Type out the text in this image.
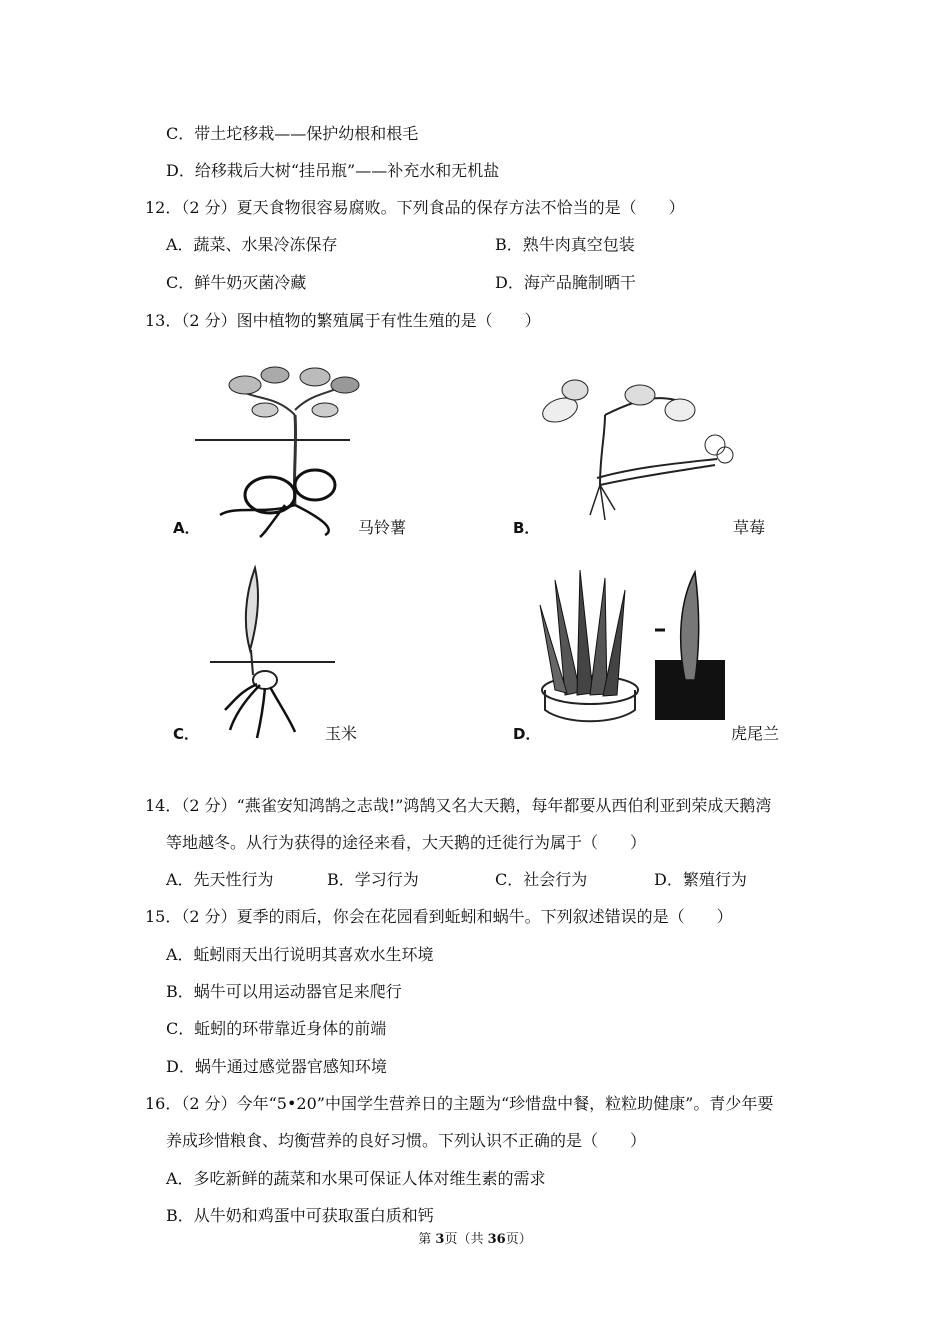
C．带土坨移栽——保护幼根和根毛
D．给移栽后大树“挂吊瓶”——补充水和无机盐
12．（2 分）夏天食物很容易腐败。下列食品的保存方法不恰当的是（　　）
A．蔬菜、水果冷冻保存	B．熟牛肉真空包装
C．鲜牛奶灭菌冷藏	D．海产品腌制晒干
13．（2 分）图中植物的繁殖属于有性生殖的是（　　）
A．	马铃薯	B．	草莓
C．	玉米	D．	虎尾兰
14．（2 分）“燕雀安知鸿鹄之志哉!”鸿鹄又名大天鹅，每年都要从西伯利亚到荣成天鹅湾
等地越冬。从行为获得的途径来看，大天鹅的迁徙行为属于（　　）
A．先天性行为	B．学习行为	C．社会行为	D．繁殖行为
15．（2 分）夏季的雨后，你会在花园看到蚯蚓和蜗牛。下列叙述错误的是（　　）
A．蚯蚓雨天出行说明其喜欢水生环境
B．蜗牛可以用运动器官足来爬行
C．蚯蚓的环带靠近身体的前端
D．蜗牛通过感觉器官感知环境
16．（2 分）今年“5•20”中国学生营养日的主题为“珍惜盘中餐，粒粒助健康”。青少年要
养成珍惜粮食、均衡营养的良好习惯。下列认识不正确的是（　　）
A．多吃新鲜的蔬菜和水果可保证人体对维生素的需求
B．从牛奶和鸡蛋中可获取蛋白质和钙
第 3页（共 36页）
